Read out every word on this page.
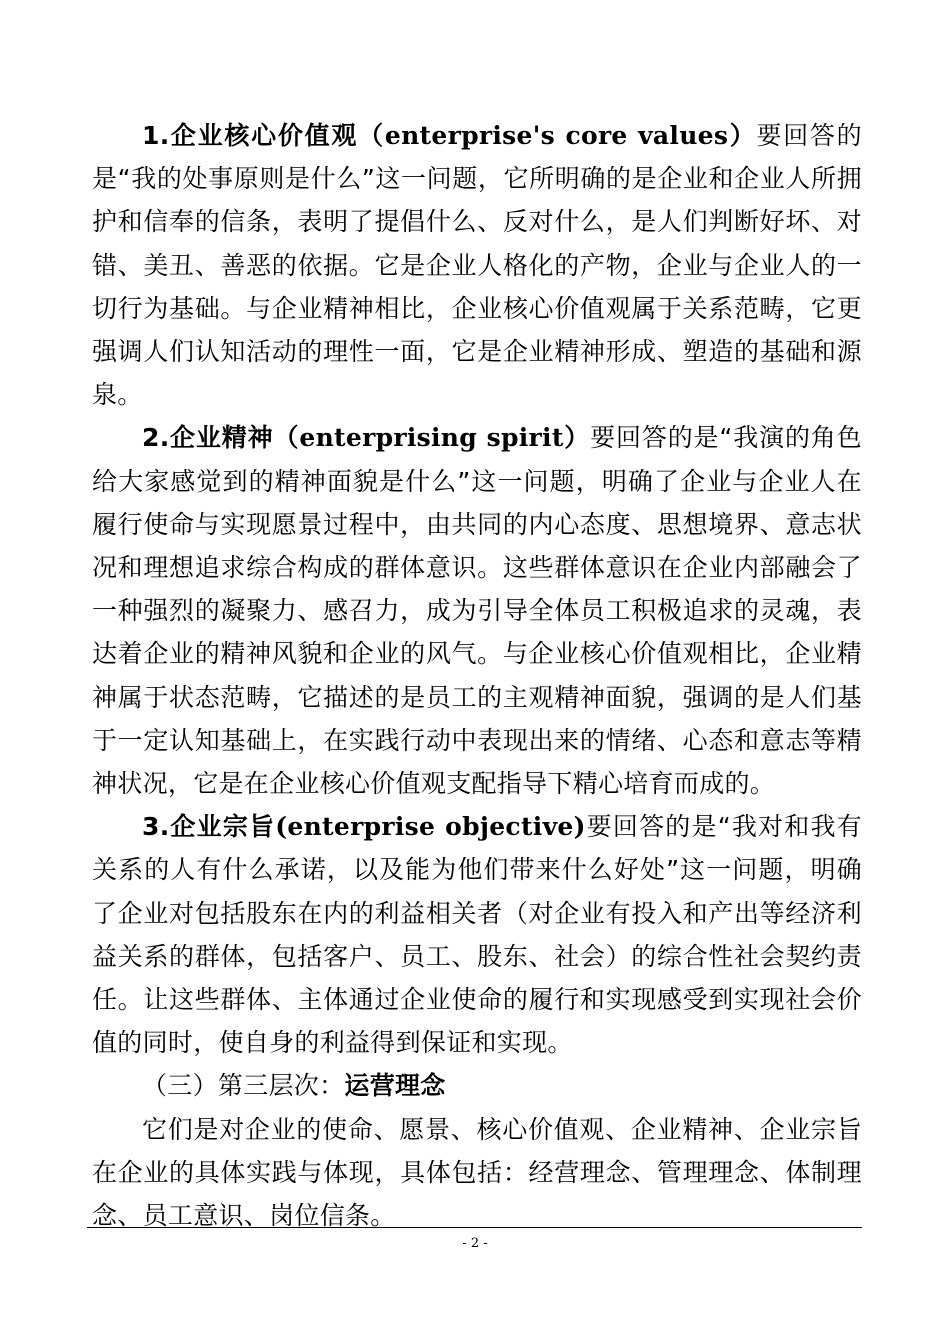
1.企业核心价值观（enterprise's core values）要回答的是“我的处事原则是什么”这一问题，它所明确的是企业和企业人所拥护和信奉的信条，表明了提倡什么、反对什么，是人们判断好坏、对错、美丑、善恶的依据。它是企业人格化的产物，企业与企业人的一切行为基础。与企业精神相比，企业核心价值观属于关系范畴，它更强调人们认知活动的理性一面，它是企业精神形成、塑造的基础和源泉。

2.企业精神（enterprising spirit）要回答的是“我演的角色给大家感觉到的精神面貌是什么”这一问题，明确了企业与企业人在履行使命与实现愿景过程中，由共同的内心态度、思想境界、意志状况和理想追求综合构成的群体意识。这些群体意识在企业内部融会了一种强烈的凝聚力、感召力，成为引导全体员工积极追求的灵魂，表达着企业的精神风貌和企业的风气。与企业核心价值观相比，企业精神属于状态范畴，它描述的是员工的主观精神面貌，强调的是人们基于一定认知基础上，在实践行动中表现出来的情绪、心态和意志等精神状况，它是在企业核心价值观支配指导下精心培育而成的。

3.企业宗旨(enterprise objective)要回答的是“我对和我有关系的人有什么承诺，以及能为他们带来什么好处”这一问题，明确了企业对包括股东在内的利益相关者（对企业有投入和产出等经济利益关系的群体，包括客户、员工、股东、社会）的综合性社会契约责任。让这些群体、主体通过企业使命的履行和实现感受到实现社会价值的同时，使自身的利益得到保证和实现。

（三）第三层次：运营理念

它们是对企业的使命、愿景、核心价值观、企业精神、企业宗旨在企业的具体实践与体现，具体包括：经营理念、管理理念、体制理念、员工意识、岗位信条。

- 2 -
